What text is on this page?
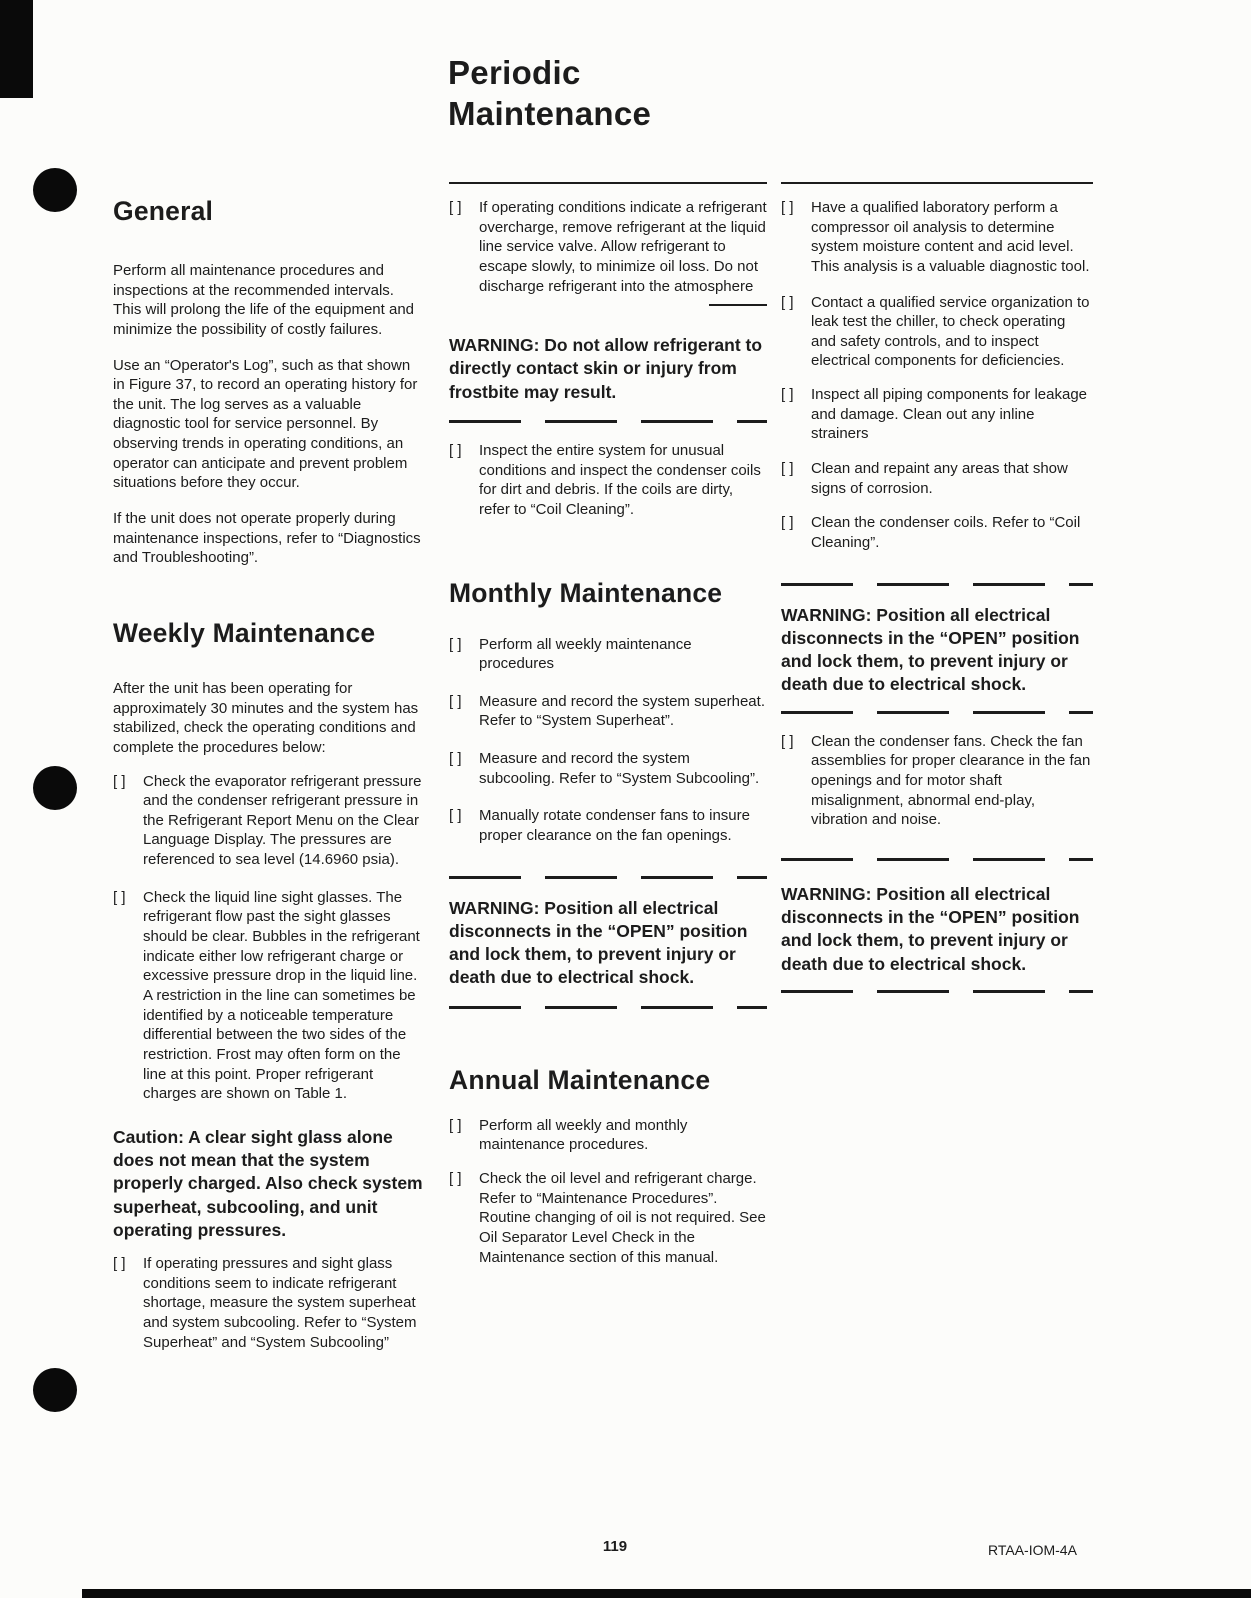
Periodic
Maintenance
General

Perform all maintenance procedures and inspections at the recommended intervals. This will prolong the life of the equipment and minimize the possibility of costly failures.

Use an “Operator's Log”, such as that shown in Figure 37, to record an operating history for the unit. The log serves as a valuable diagnostic tool for service personnel. By observing trends in operating conditions, an operator can anticipate and prevent problem situations before they occur.

If the unit does not operate properly during maintenance inspections, refer to “Diagnostics and Troubleshooting”.

Weekly Maintenance

After the unit has been operating for approximately 30 minutes and the system has stabilized, check the operating conditions and complete the procedures below:

[ ]	Check the evaporator refrigerant pressure and the condenser refrigerant pressure in the Refrigerant Report Menu on the Clear Language Display. The pressures are referenced to sea level (14.6960 psia).
[ ]	Check the liquid line sight glasses. The refrigerant flow past the sight glasses should be clear. Bubbles in the refrigerant indicate either low refrigerant charge or excessive pressure drop in the liquid line. A restriction in the line can sometimes be identified by a noticeable temperature differential between the two sides of the restriction. Frost may often form on the line at this point. Proper refrigerant charges are shown on Table 1.

Caution: A clear sight glass alone does not mean that the system properly charged. Also check system superheat, subcooling, and unit operating pressures.

[ ]	If operating pressures and sight glass conditions seem to indicate refrigerant shortage, measure the system superheat and system subcooling. Refer to “System Superheat” and “System Subcooling”
[ ]	If operating conditions indicate a refrigerant overcharge, remove refrigerant at the liquid line service valve. Allow refrigerant to escape slowly, to minimize oil loss. Do not discharge refrigerant into the atmosphere

WARNING: Do not allow refrigerant to directly contact skin or injury from frostbite may result.

[ ]	Inspect the entire system for unusual conditions and inspect the condenser coils for dirt and debris. If the coils are dirty, refer to “Coil Cleaning”.
Monthly Maintenance
[ ]	Perform all weekly maintenance procedures
[ ]	Measure and record the system superheat. Refer to “System Superheat”.
[ ]	Measure and record the system subcooling. Refer to “System Subcooling”.
[ ]	Manually rotate condenser fans to insure proper clearance on the fan openings.

WARNING: Position all electrical disconnects in the “OPEN” position and lock them, to prevent injury or death due to electrical shock.

Annual Maintenance
[ ]	Perform all weekly and monthly maintenance procedures.
[ ]	Check the oil level and refrigerant charge. Refer to “Maintenance Procedures”. Routine changing of oil is not required. See Oil Separator Level Check in the Maintenance section of this manual.
[ ]	Have a qualified laboratory perform a compressor oil analysis to determine system moisture content and acid level. This analysis is a valuable diagnostic tool.
[ ]	Contact a qualified service organization to leak test the chiller, to check operating and safety controls, and to inspect electrical components for deficiencies.
[ ]	Inspect all piping components for leakage and damage. Clean out any inline strainers
[ ]	Clean and repaint any areas that show signs of corrosion.
[ ]	Clean the condenser coils. Refer to “Coil Cleaning”.

WARNING: Position all electrical disconnects in the “OPEN” position and lock them, to prevent injury or death due to electrical shock.

[ ]	Clean the condenser fans. Check the fan assemblies for proper clearance in the fan openings and for motor shaft misalignment, abnormal end-play, vibration and noise.

WARNING: Position all electrical disconnects in the “OPEN” position and lock them, to prevent injury or death due to electrical shock.

119	RTAA-IOM-4A
